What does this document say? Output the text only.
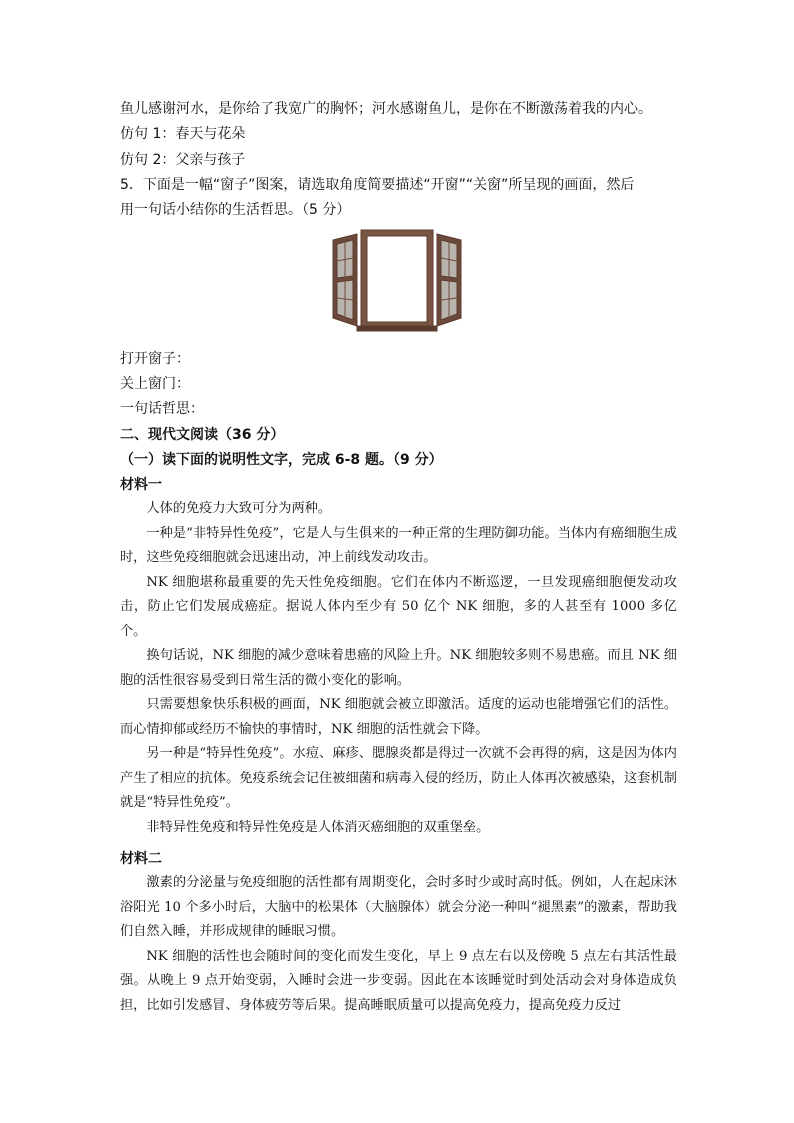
鱼儿感谢河水，是你给了我宽广的胸怀；河水感谢鱼儿，是你在不断激荡着我的内心。
仿句 1：春天与花朵
仿句 2：父亲与孩子
5．下面是一幅“窗子”图案，请选取角度简要描述“开窗”“关窗”所呈现的画面，然后
用一句话小结你的生活哲思。（5 分）
打开窗子：
关上窗门：
一句话哲思：
二、现代文阅读（36 分）
（一）读下面的说明性文字，完成 6-8 题。（9 分）
材料一

人体的免疫力大致可分为两种。

一种是“非特异性免疫”，它是人与生俱来的一种正常的生理防御功能。当体内有癌细胞生成时，这些免疫细胞就会迅速出动，冲上前线发动攻击。

NK 细胞堪称最重要的先天性免疫细胞。它们在体内不断巡逻，一旦发现癌细胞便发动攻击，防止它们发展成癌症。据说人体内至少有 50 亿个 NK 细胞，多的人甚至有 1000 多亿个。

换句话说，NK 细胞的减少意味着患癌的风险上升。NK 细胞较多则不易患癌。而且 NK 细胞的活性很容易受到日常生活的微小变化的影响。

只需要想象快乐积极的画面，NK 细胞就会被立即激活。适度的运动也能增强它们的活性。而心情抑郁或经历不愉快的事情时，NK 细胞的活性就会下降。

另一种是“特异性免疫”。水痘、麻疹、腮腺炎都是得过一次就不会再得的病，这是因为体内产生了相应的抗体。免疫系统会记住被细菌和病毒入侵的经历，防止人体再次被感染，这套机制就是“特异性免疫”。

非特异性免疫和特异性免疫是人体消灭癌细胞的双重堡垒。

材料二

激素的分泌量与免疫细胞的活性都有周期变化，会时多时少或时高时低。例如，人在起床沐浴阳光 10 个多小时后，大脑中的松果体（大脑腺体）就会分泌一种叫“褪黑素”的激素，帮助我们自然入睡，并形成规律的睡眠习惯。

NK 细胞的活性也会随时间的变化而发生变化，早上 9 点左右以及傍晚 5 点左右其活性最强。从晚上 9 点开始变弱，入睡时会进一步变弱。因此在本该睡觉时到处活动会对身体造成负担，比如引发感冒、身体疲劳等后果。提高睡眠质量可以提高免疫力，提高免疫力反过
